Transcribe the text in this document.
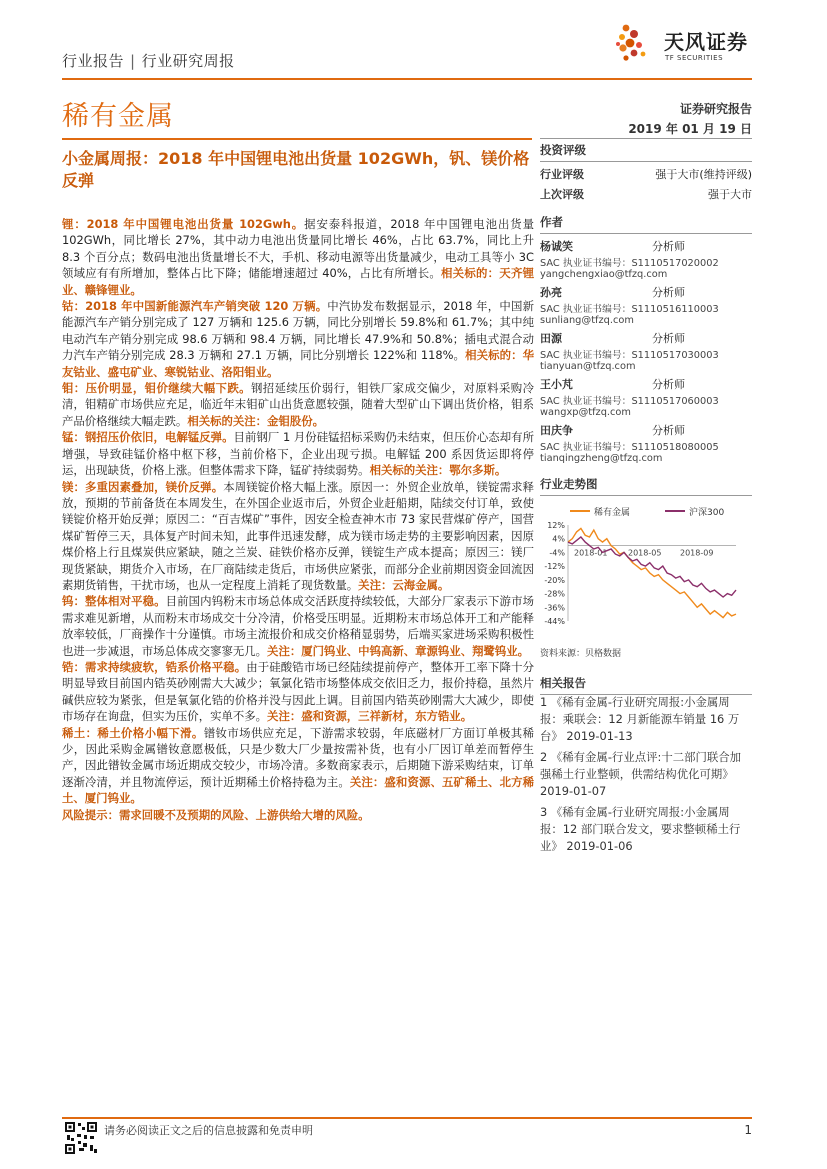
行业报告 | 行业研究周报
天风证券
TF SECURITIES
稀有金属	证券研究报告
2019 年 01 月 19 日
小金属周报：2018 年中国锂电池出货量 102GWh，钒、镁价格反弹

锂：2018 年中国锂电池出货量 102Gwh。据安泰科报道，2018 年中国锂电池出货量 102GWh，同比增长 27%，其中动力电池出货量同比增长 46%，占比 63.7%，同比上升 8.3 个百分点；数码电池出货量增长不大，手机、移动电源等出货量减少，电动工具等小 3C 领域应有有所增加，整体占比下降；储能增速超过 40%，占比有所增长。相关标的：天齐锂业、赣锋锂业。

钴：2018 年中国新能源汽车产销突破 120 万辆。中汽协发布数据显示，2018 年，中国新能源汽车产销分别完成了 127 万辆和 125.6 万辆，同比分别增长 59.8%和 61.7%；其中纯电动汽车产销分别完成 98.6 万辆和 98.4 万辆，同比增长 47.9%和 50.8%；插电式混合动力汽车产销分别完成 28.3 万辆和 27.1 万辆，同比分别增长 122%和 118%。相关标的：华友钴业、盛屯矿业、寒锐钴业、洛阳钼业。

钼：压价明显，钼价继续大幅下跌。钢招延续压价弱行，钼铁厂家成交偏少，对原料采购冷清，钼精矿市场供应充足，临近年末钼矿山出货意愿较强，随着大型矿山下调出货价格，钼系产品价格继续大幅走跌。相关标的关注：金钼股份。

锰：钢招压价依旧，电解锰反弹。目前钢厂 1 月份硅锰招标采购仍未结束，但压价心态却有所增强，导致硅锰价格中枢下移，当前价格下，企业出现亏损。电解锰 200 系因货运即将停运，出现缺货，价格上涨。但整体需求下降，锰矿持续弱势。相关标的关注：鄂尔多斯。

镁：多重因素叠加，镁价反弹。本周镁锭价格大幅上涨。原因一：外贸企业放单，镁锭需求释放，预期的节前备货在本周发生，在外国企业返市后，外贸企业赶船期，陆续交付订单，致使镁锭价格开始反弹；原因二：“百吉煤矿”事件，因安全检查神木市 73 家民营煤矿停产，国营煤矿暂停三天，具体复产时间未知，此事件迅速发酵，成为镁市场走势的主要影响因素，因原煤价格上行且煤炭供应紧缺，随之兰炭、硅铁价格亦反弹，镁锭生产成本提高；原因三：镁厂现货紧缺，期货介入市场，在厂商陆续走货后，市场供应紧张，而部分企业前期因资金回流因素期货销售，干扰市场，也从一定程度上消耗了现货数量。关注：云海金属。

钨：整体相对平稳。目前国内钨粉末市场总体成交活跃度持续较低，大部分厂家表示下游市场需求难见新增，从而粉末市场成交十分冷清，价格受压明显。近期粉末市场总体开工和产能释放率较低，厂商操作十分谨慎。市场主流报价和成交价格稍显弱势，后端买家进场采购积极性也进一步减退，市场总体成交寥寥无几。关注：厦门钨业、中钨高新、章源钨业、翔鹭钨业。

锆：需求持续疲软，锆系价格平稳。由于硅酸锆市场已经陆续提前停产，整体开工率下降十分明显导致目前国内锆英砂刚需大大减少；氧氯化锆市场整体成交依旧乏力，报价持稳，虽然片碱供应较为紧张，但是氧氯化锆的价格并没与因此上调。目前国内锆英砂刚需大大减少，即使市场存在询盘，但实为压价，实单不多。关注：盛和资源，三祥新材，东方锆业。

稀土：稀土价格小幅下滑。镨钕市场供应充足，下游需求较弱，年底磁材厂方面订单极其稀少，因此采购金属镨钕意愿极低，只是少数大厂少量按需补货，也有小厂因订单差而暂停生产，因此镨钕金属市场近期成交较少，市场冷清。多数商家表示，后期随下游采购结束，订单逐渐冷清，并且物流停运，预计近期稀土价格持稳为主。关注：盛和资源、五矿稀土、北方稀土、厦门钨业。

风险提示：需求回暖不及预期的风险、上游供给大增的风险。

投资评级
行业评级	强于大市(维持评级)
上次评级	强于大市
作者
杨诚笑	分析师
SAC 执业证书编号：S1110517020002
yangchengxiao@tfzq.com
孙亮	分析师
SAC 执业证书编号：S1110516110003
sunliang@tfzq.com
田源	分析师
SAC 执业证书编号：S1110517030003
tianyuan@tfzq.com
王小芃	分析师
SAC 执业证书编号：S1110517060003
wangxp@tfzq.com
田庆争	分析师
SAC 执业证书编号：S1110518080005
tianqingzheng@tfzq.com
行业走势图
稀有金属	沪深300
12%
4%
-4%
-12%
-20%
-28%
-36%
-44%
2018-01	2018-05 2018-09
资料来源：贝格数据
相关报告
1 《稀有金属-行业研究周报:小金属周报：乘联会：12 月新能源车销量 16 万台》 2019-01-13
2 《稀有金属-行业点评:十二部门联合加强稀土行业整顿，供需结构优化可期》 2019-01-07
3 《稀有金属-行业研究周报:小金属周报：12 部门联合发文，要求整顿稀土行业》 2019-01-06
请务必阅读正文之后的信息披露和免责申明	1
